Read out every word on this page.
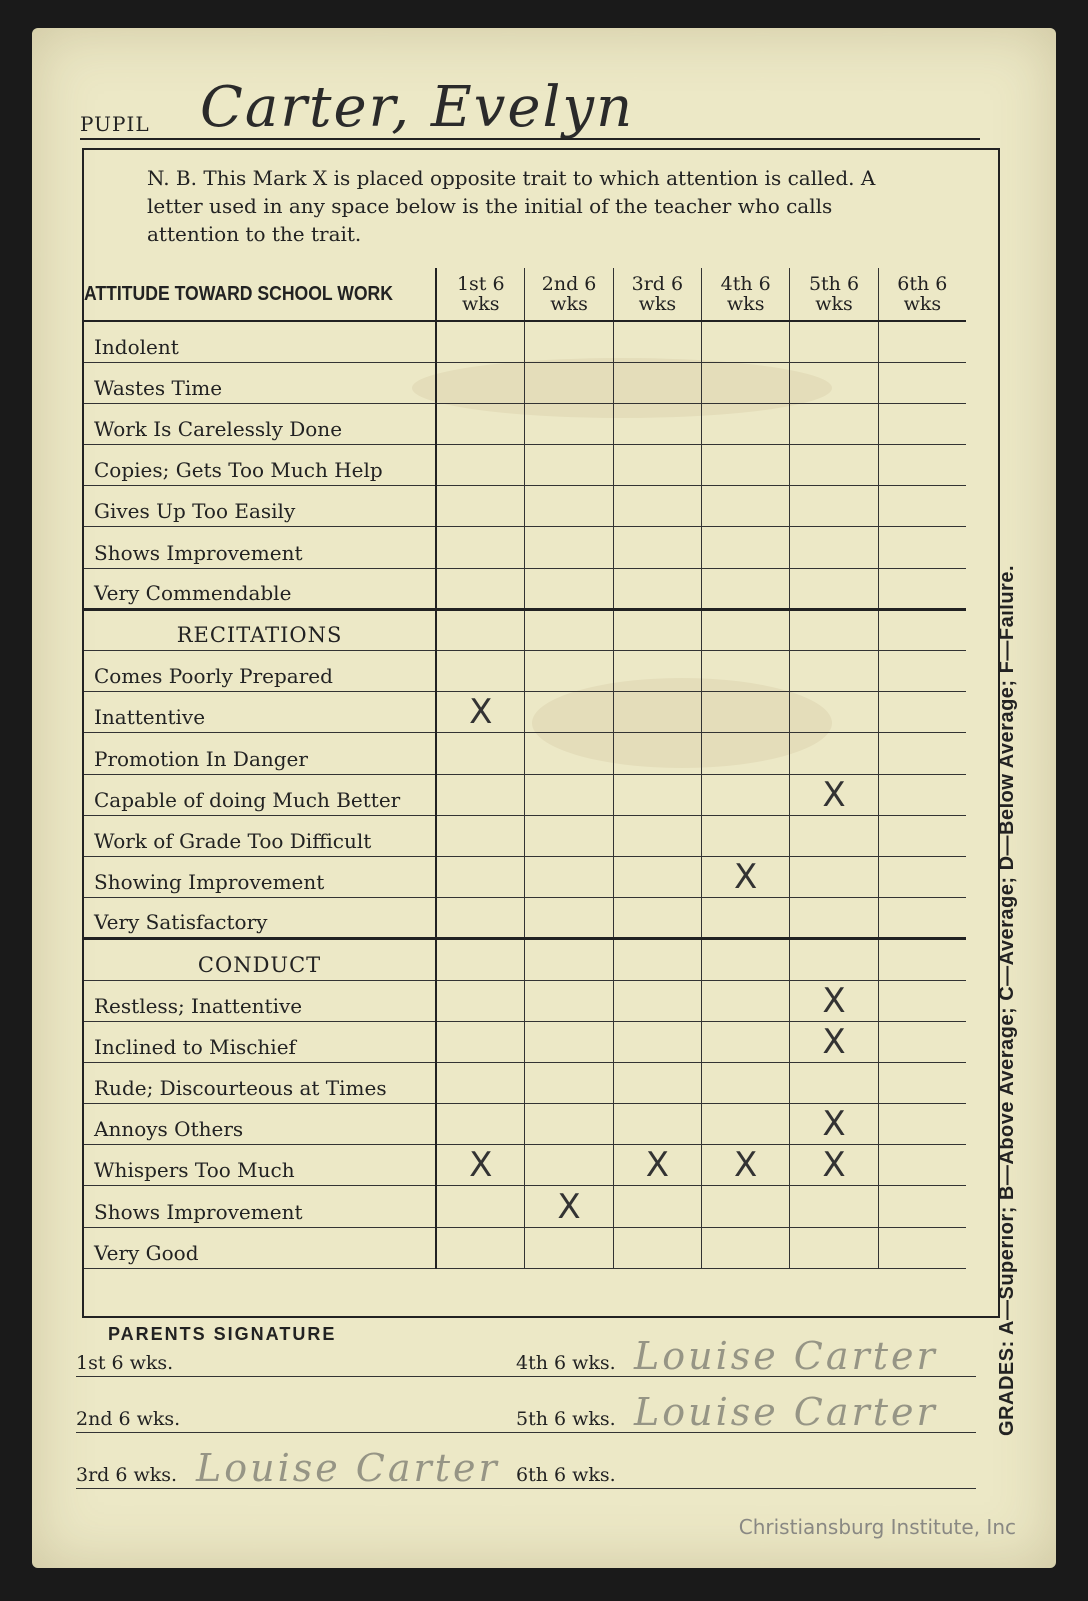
PUPIL Carter, Evelyn
N. B. This Mark X is placed opposite trait to which attention is called. A letter used in any space below is the initial of the teacher who calls attention to the trait.
ATTITUDE TOWARD SCHOOL WORK	1st 6 wks	2nd 6 wks	3rd 6 wks	4th 6 wks	5th 6 wks	6th 6 wks
Indolent						
Wastes Time						
Work Is Carelessly Done						
Copies; Gets Too Much Help						
Gives Up Too Easily						
Shows Improvement						
Very Commendable						
RECITATIONS						
Comes Poorly Prepared						
Inattentive	X					
Promotion In Danger						
Capable of doing Much Better					X	
Work of Grade Too Difficult						
Showing Improvement				X		
Very Satisfactory						
CONDUCT						
Restless; Inattentive					X	
Inclined to Mischief					X	
Rude; Discourteous at Times						
Annoys Others					X	
Whispers Too Much	X		X	X	X	
Shows Improvement		X				
Very Good						
PARENTS SIGNATURE
1st 6 wks.
2nd 6 wks.
3rd 6 wks. Louise Carter
4th 6 wks. Louise Carter
5th 6 wks. Louise Carter
6th 6 wks.
GRADES: A—Superior; B—Above Average; C—Average; D—Below Average; F—Failure.
Christiansburg Institute, Inc
